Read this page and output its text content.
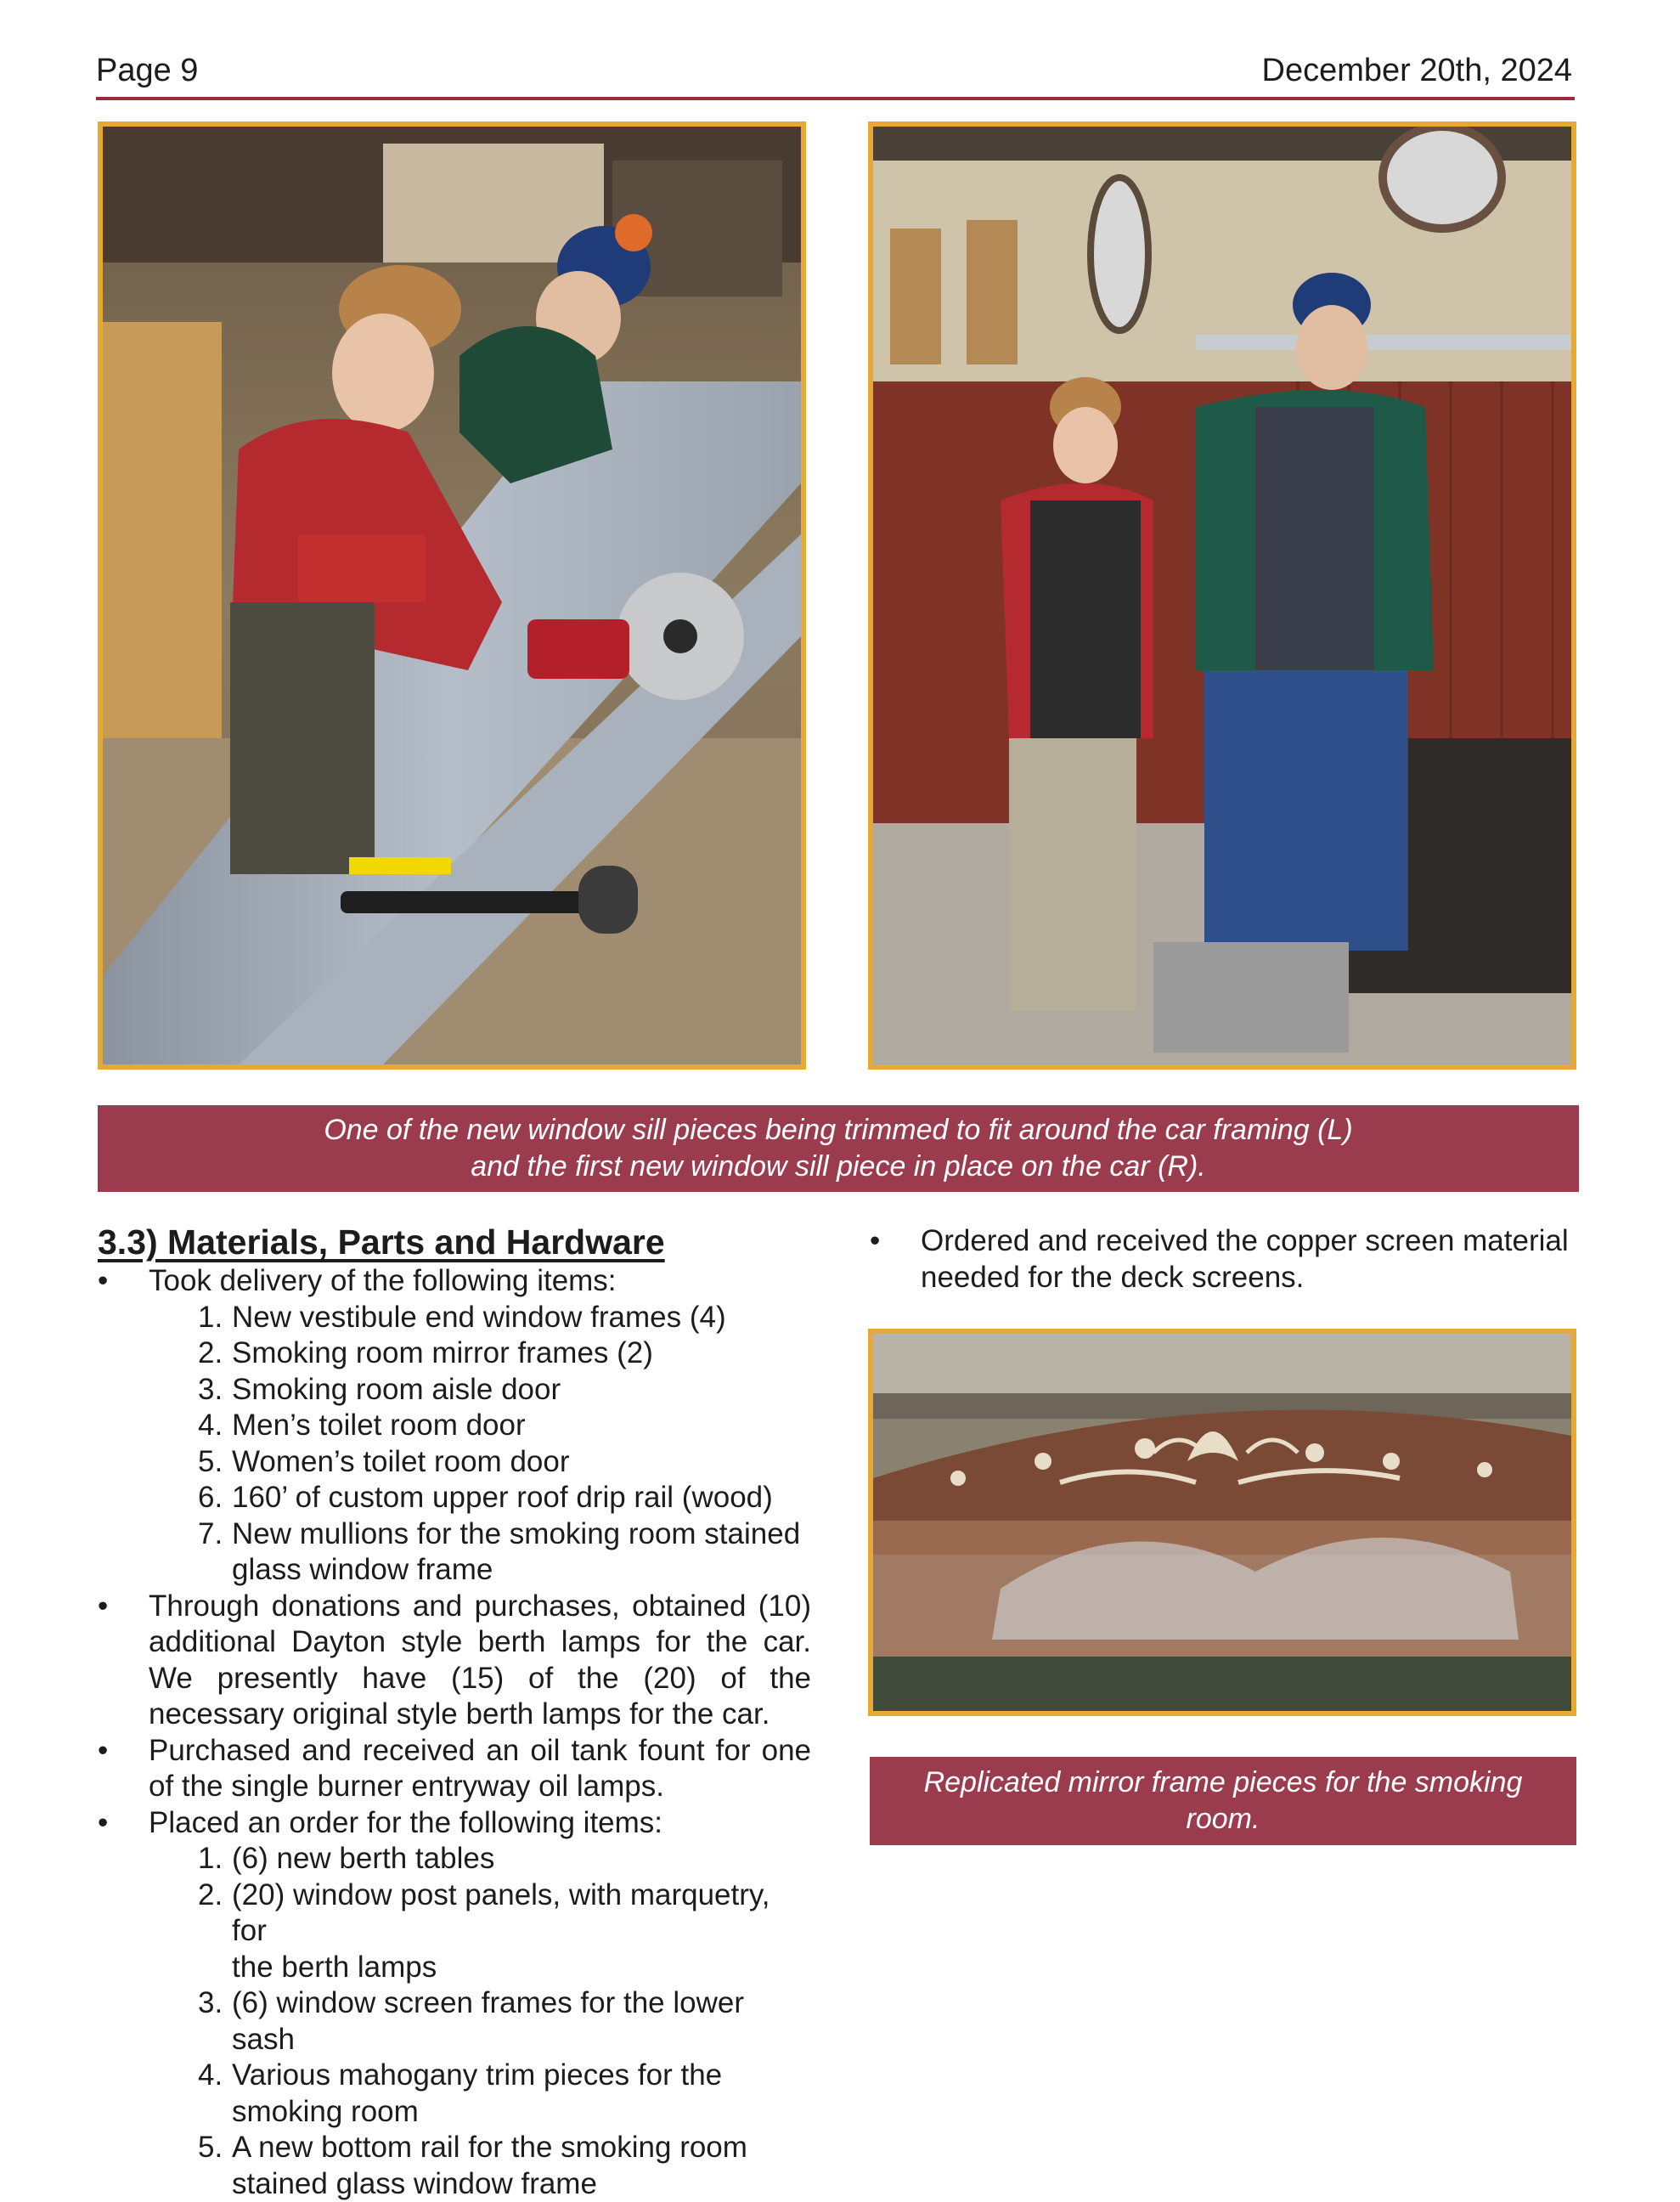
Page 9	December 20th, 2024
One of the new window sill pieces being trimmed to fit around the car framing (L)
and the first new window sill piece in place on the car (R).
3.3) Materials, Parts and Hardware
• Took delivery of the following items:
1. New vestibule end window frames (4)
2. Smoking room mirror frames (2)
3. Smoking room aisle door
4. Men’s toilet room door
5. Women’s toilet room door
6. 160’ of custom upper roof drip rail (wood)
7. New mullions for the smoking room stained
glass window frame
• Through donations and purchases, obtained (10) additional Dayton style berth lamps for the car. We presently have (15) of the (20) of the necessary original style berth lamps for the car.
• Purchased and received an oil tank fount for one of the single burner entryway oil lamps.
• Placed an order for the following items:
1. (6) new berth tables
2. (20) window post panels, with marquetry, for
the berth lamps
3. (6) window screen frames for the lower sash
4. Various mahogany trim pieces for the
smoking room
5. A new bottom rail for the smoking room
stained glass window frame
• Ordered and received the copper screen material needed for the deck screens.
Replicated mirror frame pieces for the smoking
room.
